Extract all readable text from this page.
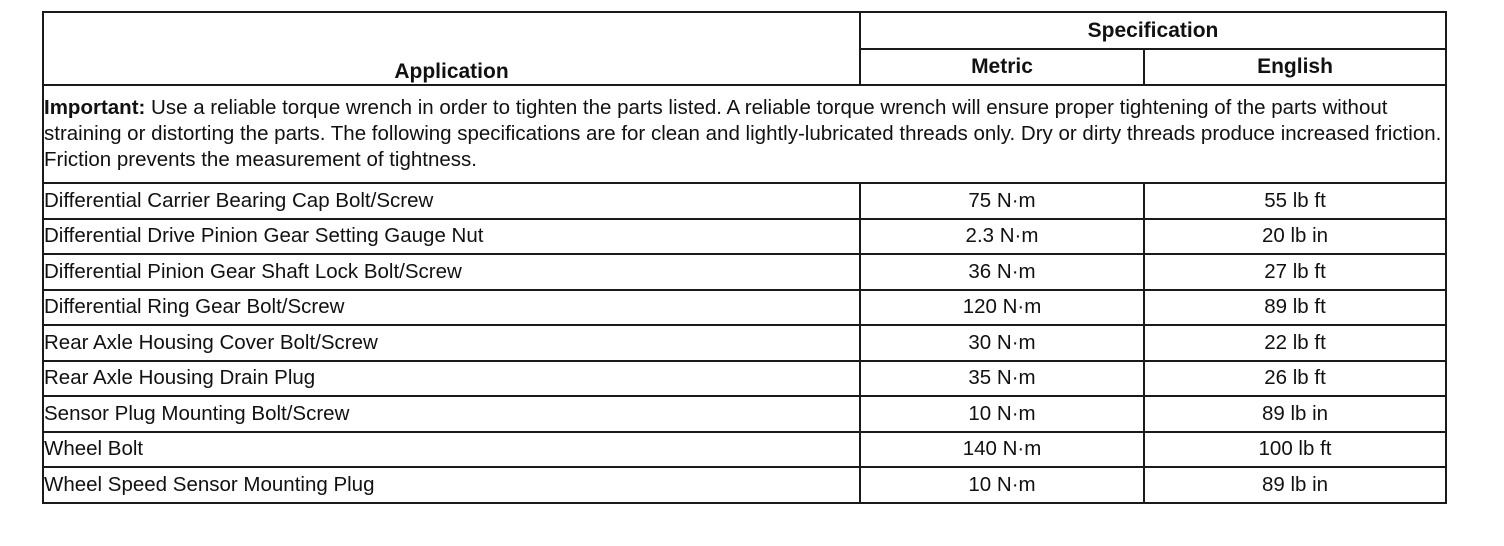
Application	Specification	
	Metric	English
Important: Use a reliable torque wrench in order to tighten the parts listed. A reliable torque wrench will ensure proper tightening of the parts without straining or distorting the parts. The following specifications are for clean and lightly-lubricated threads only. Dry or dirty threads produce increased friction. Friction prevents the measurement of tightness.		
Differential Carrier Bearing Cap Bolt/Screw	75 N·m	55 lb ft
Differential Drive Pinion Gear Setting Gauge Nut	2.3 N·m	20 lb in
Differential Pinion Gear Shaft Lock Bolt/Screw	36 N·m	27 lb ft
Differential Ring Gear Bolt/Screw	120 N·m	89 lb ft
Rear Axle Housing Cover Bolt/Screw	30 N·m	22 lb ft
Rear Axle Housing Drain Plug	35 N·m	26 lb ft
Sensor Plug Mounting Bolt/Screw	10 N·m	89 lb in
Wheel Bolt	140 N·m	100 lb ft
Wheel Speed Sensor Mounting Plug	10 N·m	89 lb in
